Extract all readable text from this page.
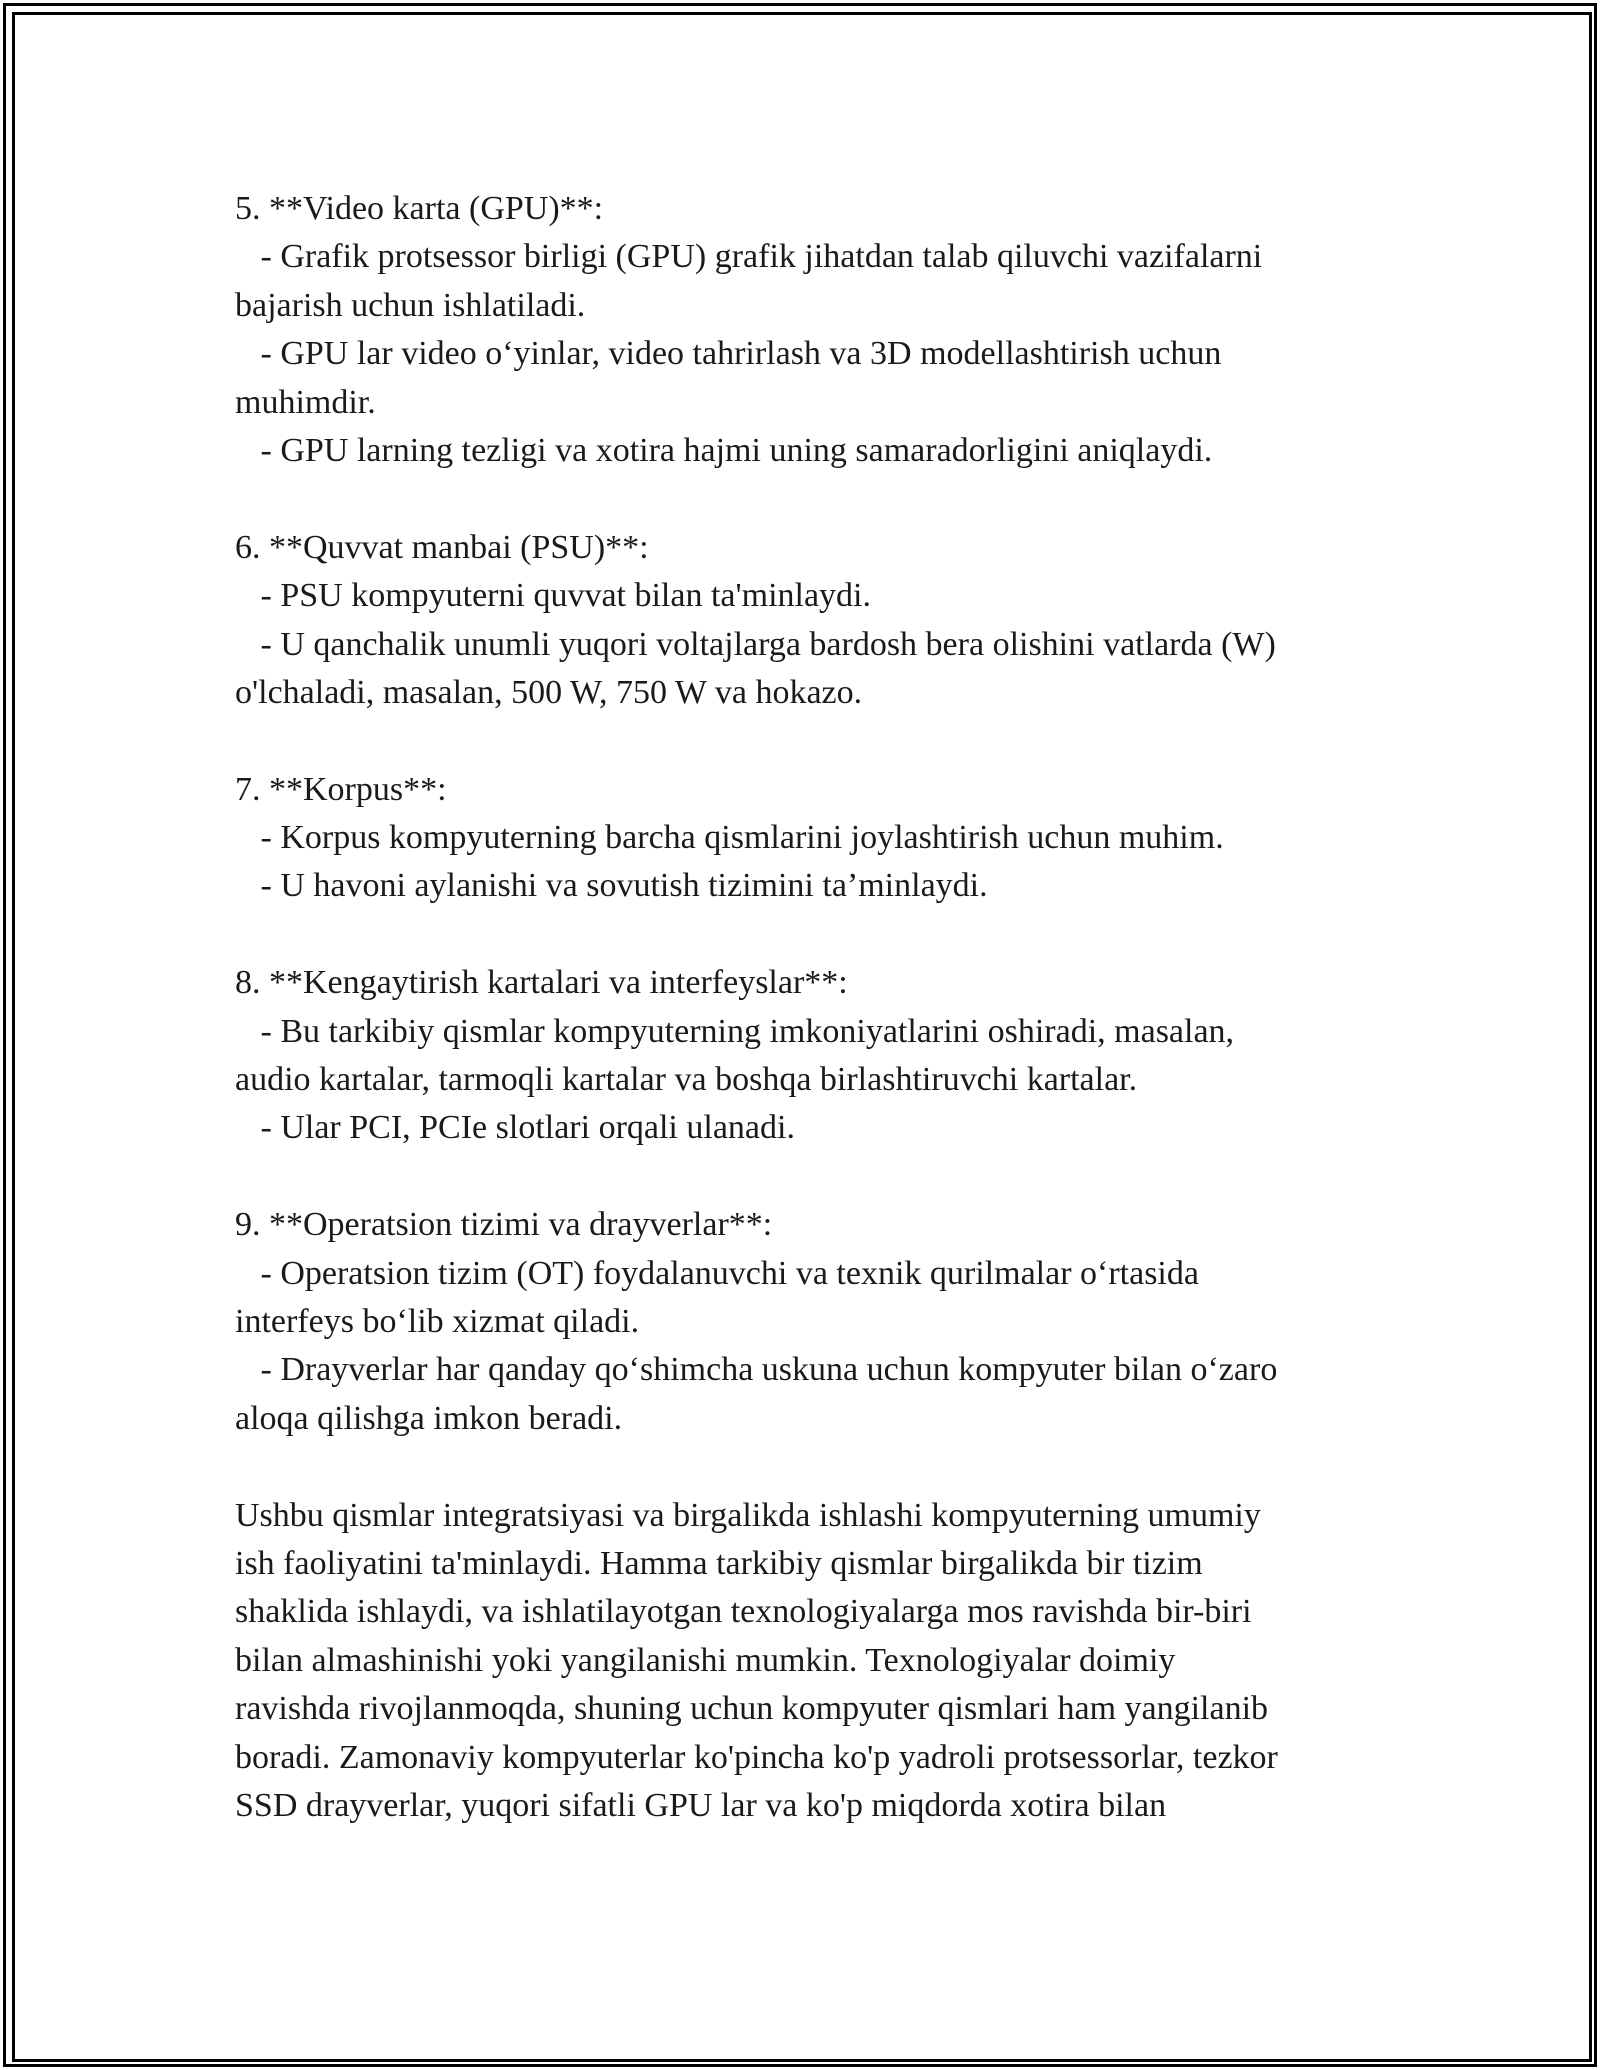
5. **Video karta (GPU)**:
- Grafik protsessor birligi (GPU) grafik jihatdan talab qiluvchi vazifalarni
bajarish uchun ishlatiladi.
- GPU lar video o‘yinlar, video tahrirlash va 3D modellashtirish uchun
muhimdir.
- GPU larning tezligi va xotira hajmi uning samaradorligini aniqlaydi.
6. **Quvvat manbai (PSU)**:
- PSU kompyuterni quvvat bilan ta'minlaydi.
- U qanchalik unumli yuqori voltajlarga bardosh bera olishini vatlarda (W)
o'lchaladi, masalan, 500 W, 750 W va hokazo.
7. **Korpus**:
- Korpus kompyuterning barcha qismlarini joylashtirish uchun muhim.
- U havoni aylanishi va sovutish tizimini ta’minlaydi.
8. **Kengaytirish kartalari va interfeyslar**:
- Bu tarkibiy qismlar kompyuterning imkoniyatlarini oshiradi, masalan,
audio kartalar, tarmoqli kartalar va boshqa birlashtiruvchi kartalar.
- Ular PCI, PCIe slotlari orqali ulanadi.
9. **Operatsion tizimi va drayverlar**:
- Operatsion tizim (OT) foydalanuvchi va texnik qurilmalar o‘rtasida
interfeys bo‘lib xizmat qiladi.
- Drayverlar har qanday qo‘shimcha uskuna uchun kompyuter bilan o‘zaro
aloqa qilishga imkon beradi.
Ushbu qismlar integratsiyasi va birgalikda ishlashi kompyuterning umumiy
ish faoliyatini ta'minlaydi. Hamma tarkibiy qismlar birgalikda bir tizim
shaklida ishlaydi, va ishlatilayotgan texnologiyalarga mos ravishda bir-biri
bilan almashinishi yoki yangilanishi mumkin. Texnologiyalar doimiy
ravishda rivojlanmoqda, shuning uchun kompyuter qismlari ham yangilanib
boradi. Zamonaviy kompyuterlar ko'pincha ko'p yadroli protsessorlar, tezkor
SSD drayverlar, yuqori sifatli GPU lar va ko'p miqdorda xotira bilan
